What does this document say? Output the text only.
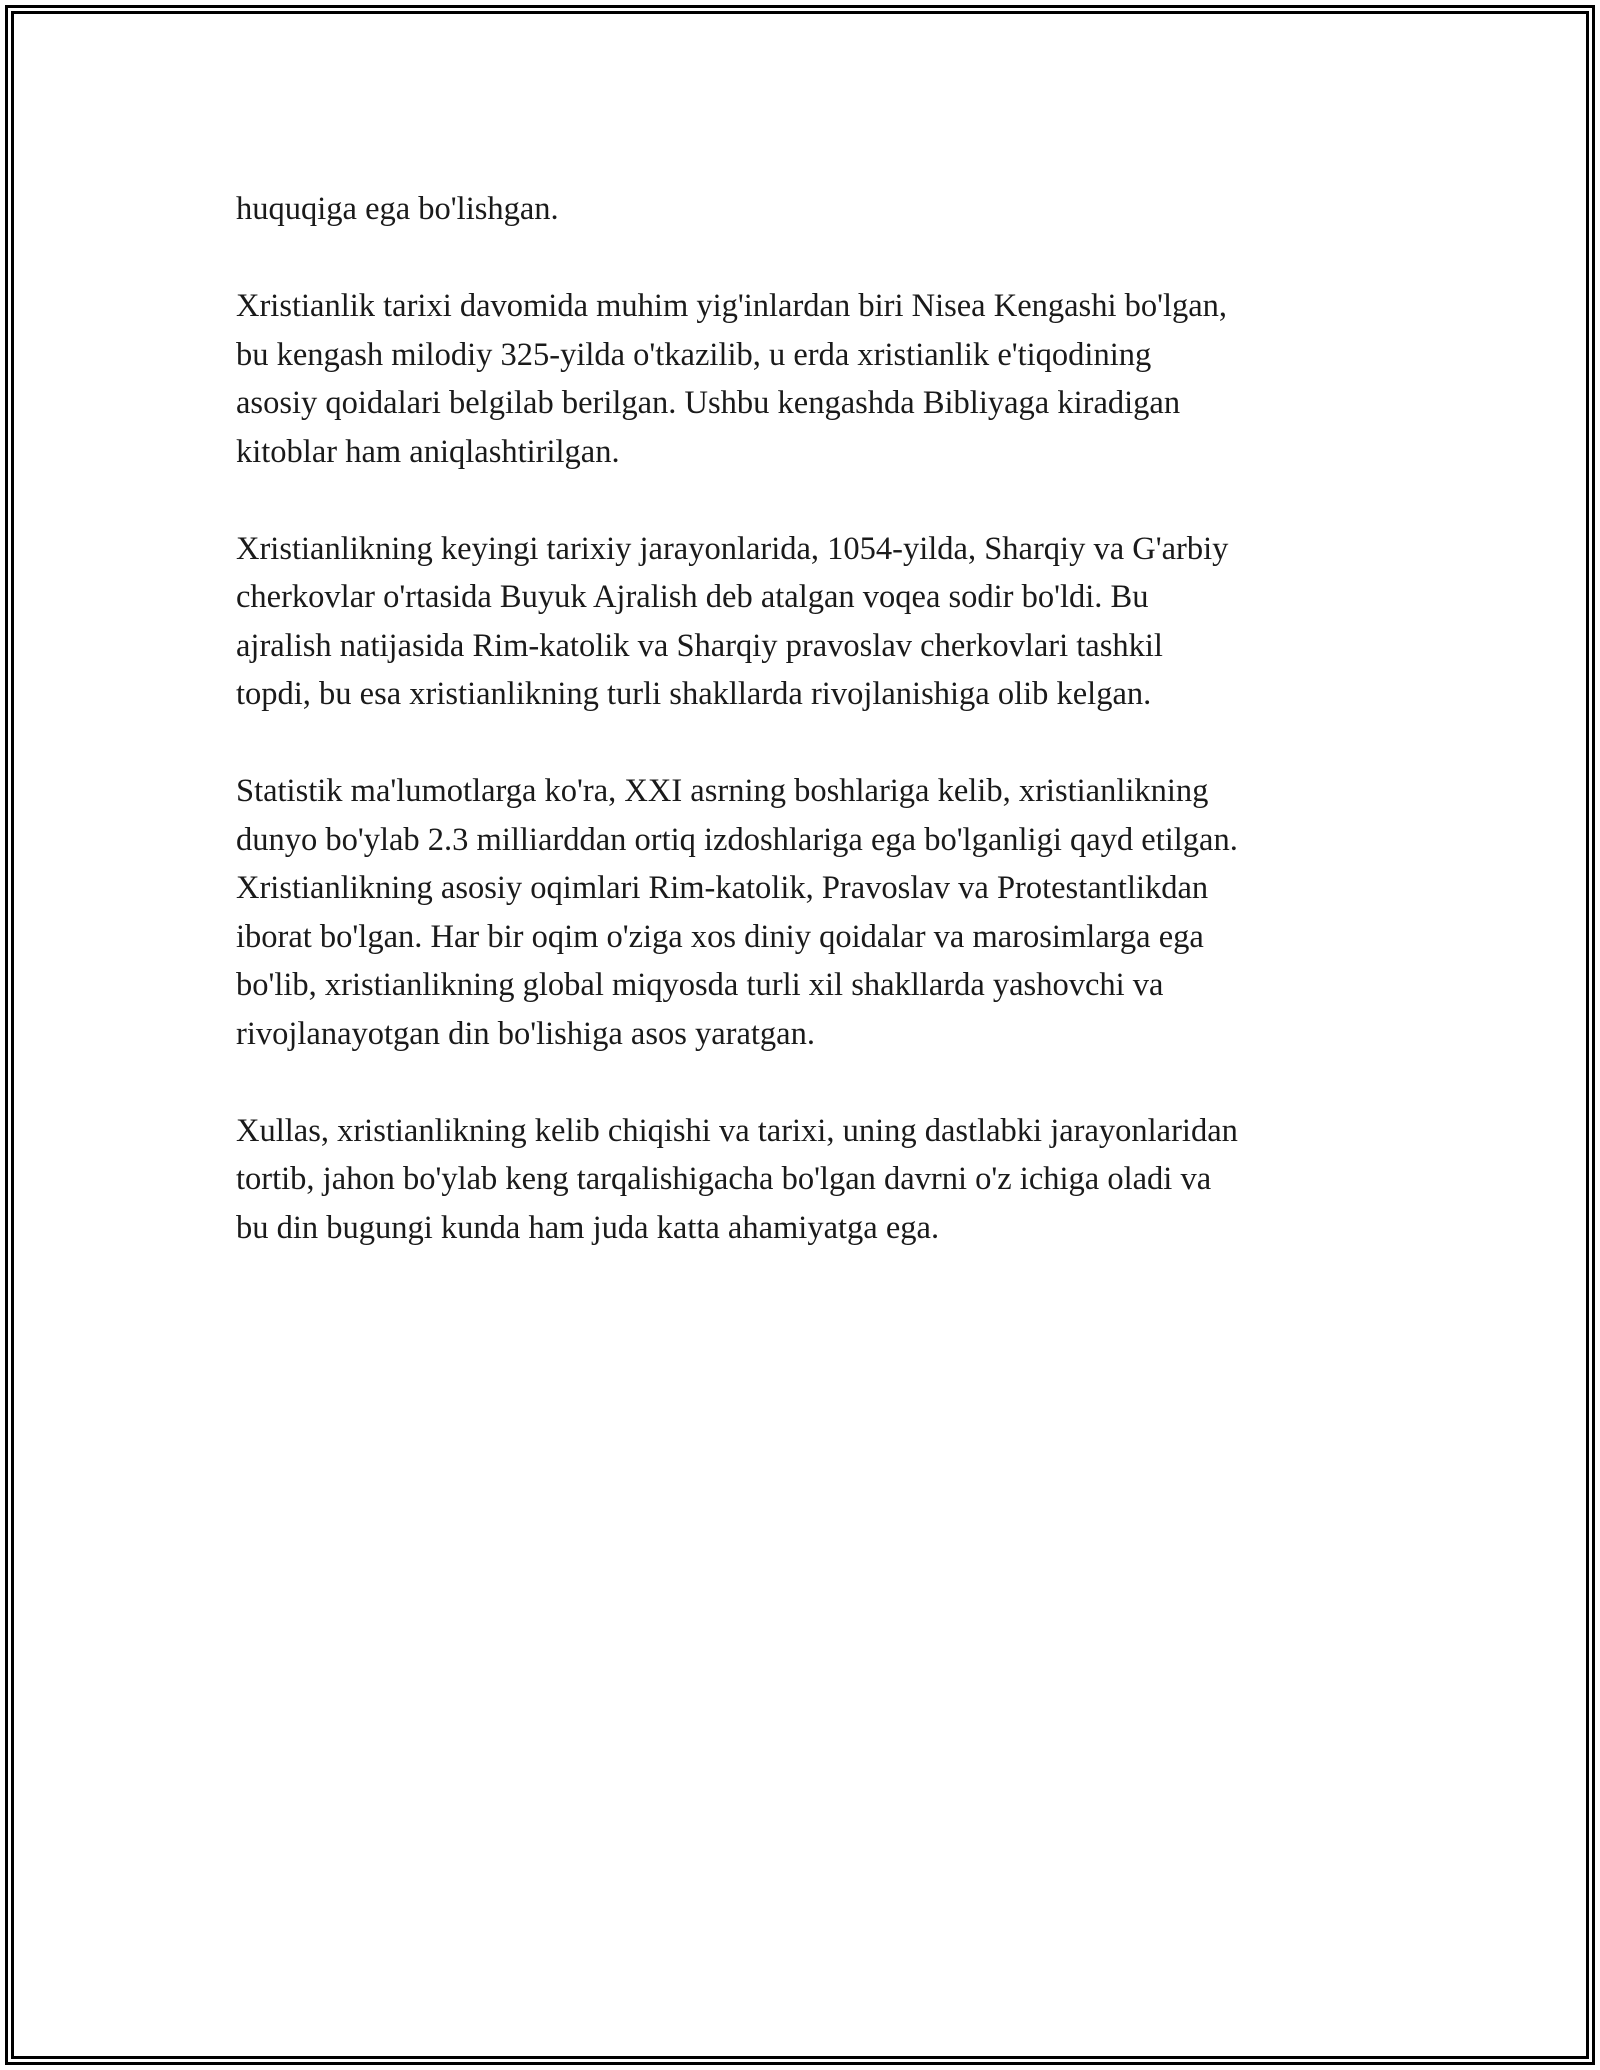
huquqiga ega bo'lishgan.

Xristianlik tarixi davomida muhim yig'inlardan biri Nisea Kengashi bo'lgan,
bu kengash milodiy 325-yilda o'tkazilib, u erda xristianlik e'tiqodining
asosiy qoidalari belgilab berilgan. Ushbu kengashda Bibliyaga kiradigan
kitoblar ham aniqlashtirilgan.

Xristianlikning keyingi tarixiy jarayonlarida, 1054-yilda, Sharqiy va G'arbiy
cherkovlar o'rtasida Buyuk Ajralish deb atalgan voqea sodir bo'ldi. Bu
ajralish natijasida Rim-katolik va Sharqiy pravoslav cherkovlari tashkil
topdi, bu esa xristianlikning turli shakllarda rivojlanishiga olib kelgan.

Statistik ma'lumotlarga ko'ra, XXI asrning boshlariga kelib, xristianlikning
dunyo bo'ylab 2.3 milliarddan ortiq izdoshlariga ega bo'lganligi qayd etilgan.
Xristianlikning asosiy oqimlari Rim-katolik, Pravoslav va Protestantlikdan
iborat bo'lgan. Har bir oqim o'ziga xos diniy qoidalar va marosimlarga ega
bo'lib, xristianlikning global miqyosda turli xil shakllarda yashovchi va
rivojlanayotgan din bo'lishiga asos yaratgan.

Xullas, xristianlikning kelib chiqishi va tarixi, uning dastlabki jarayonlaridan
tortib, jahon bo'ylab keng tarqalishigacha bo'lgan davrni o'z ichiga oladi va
bu din bugungi kunda ham juda katta ahamiyatga ega.
